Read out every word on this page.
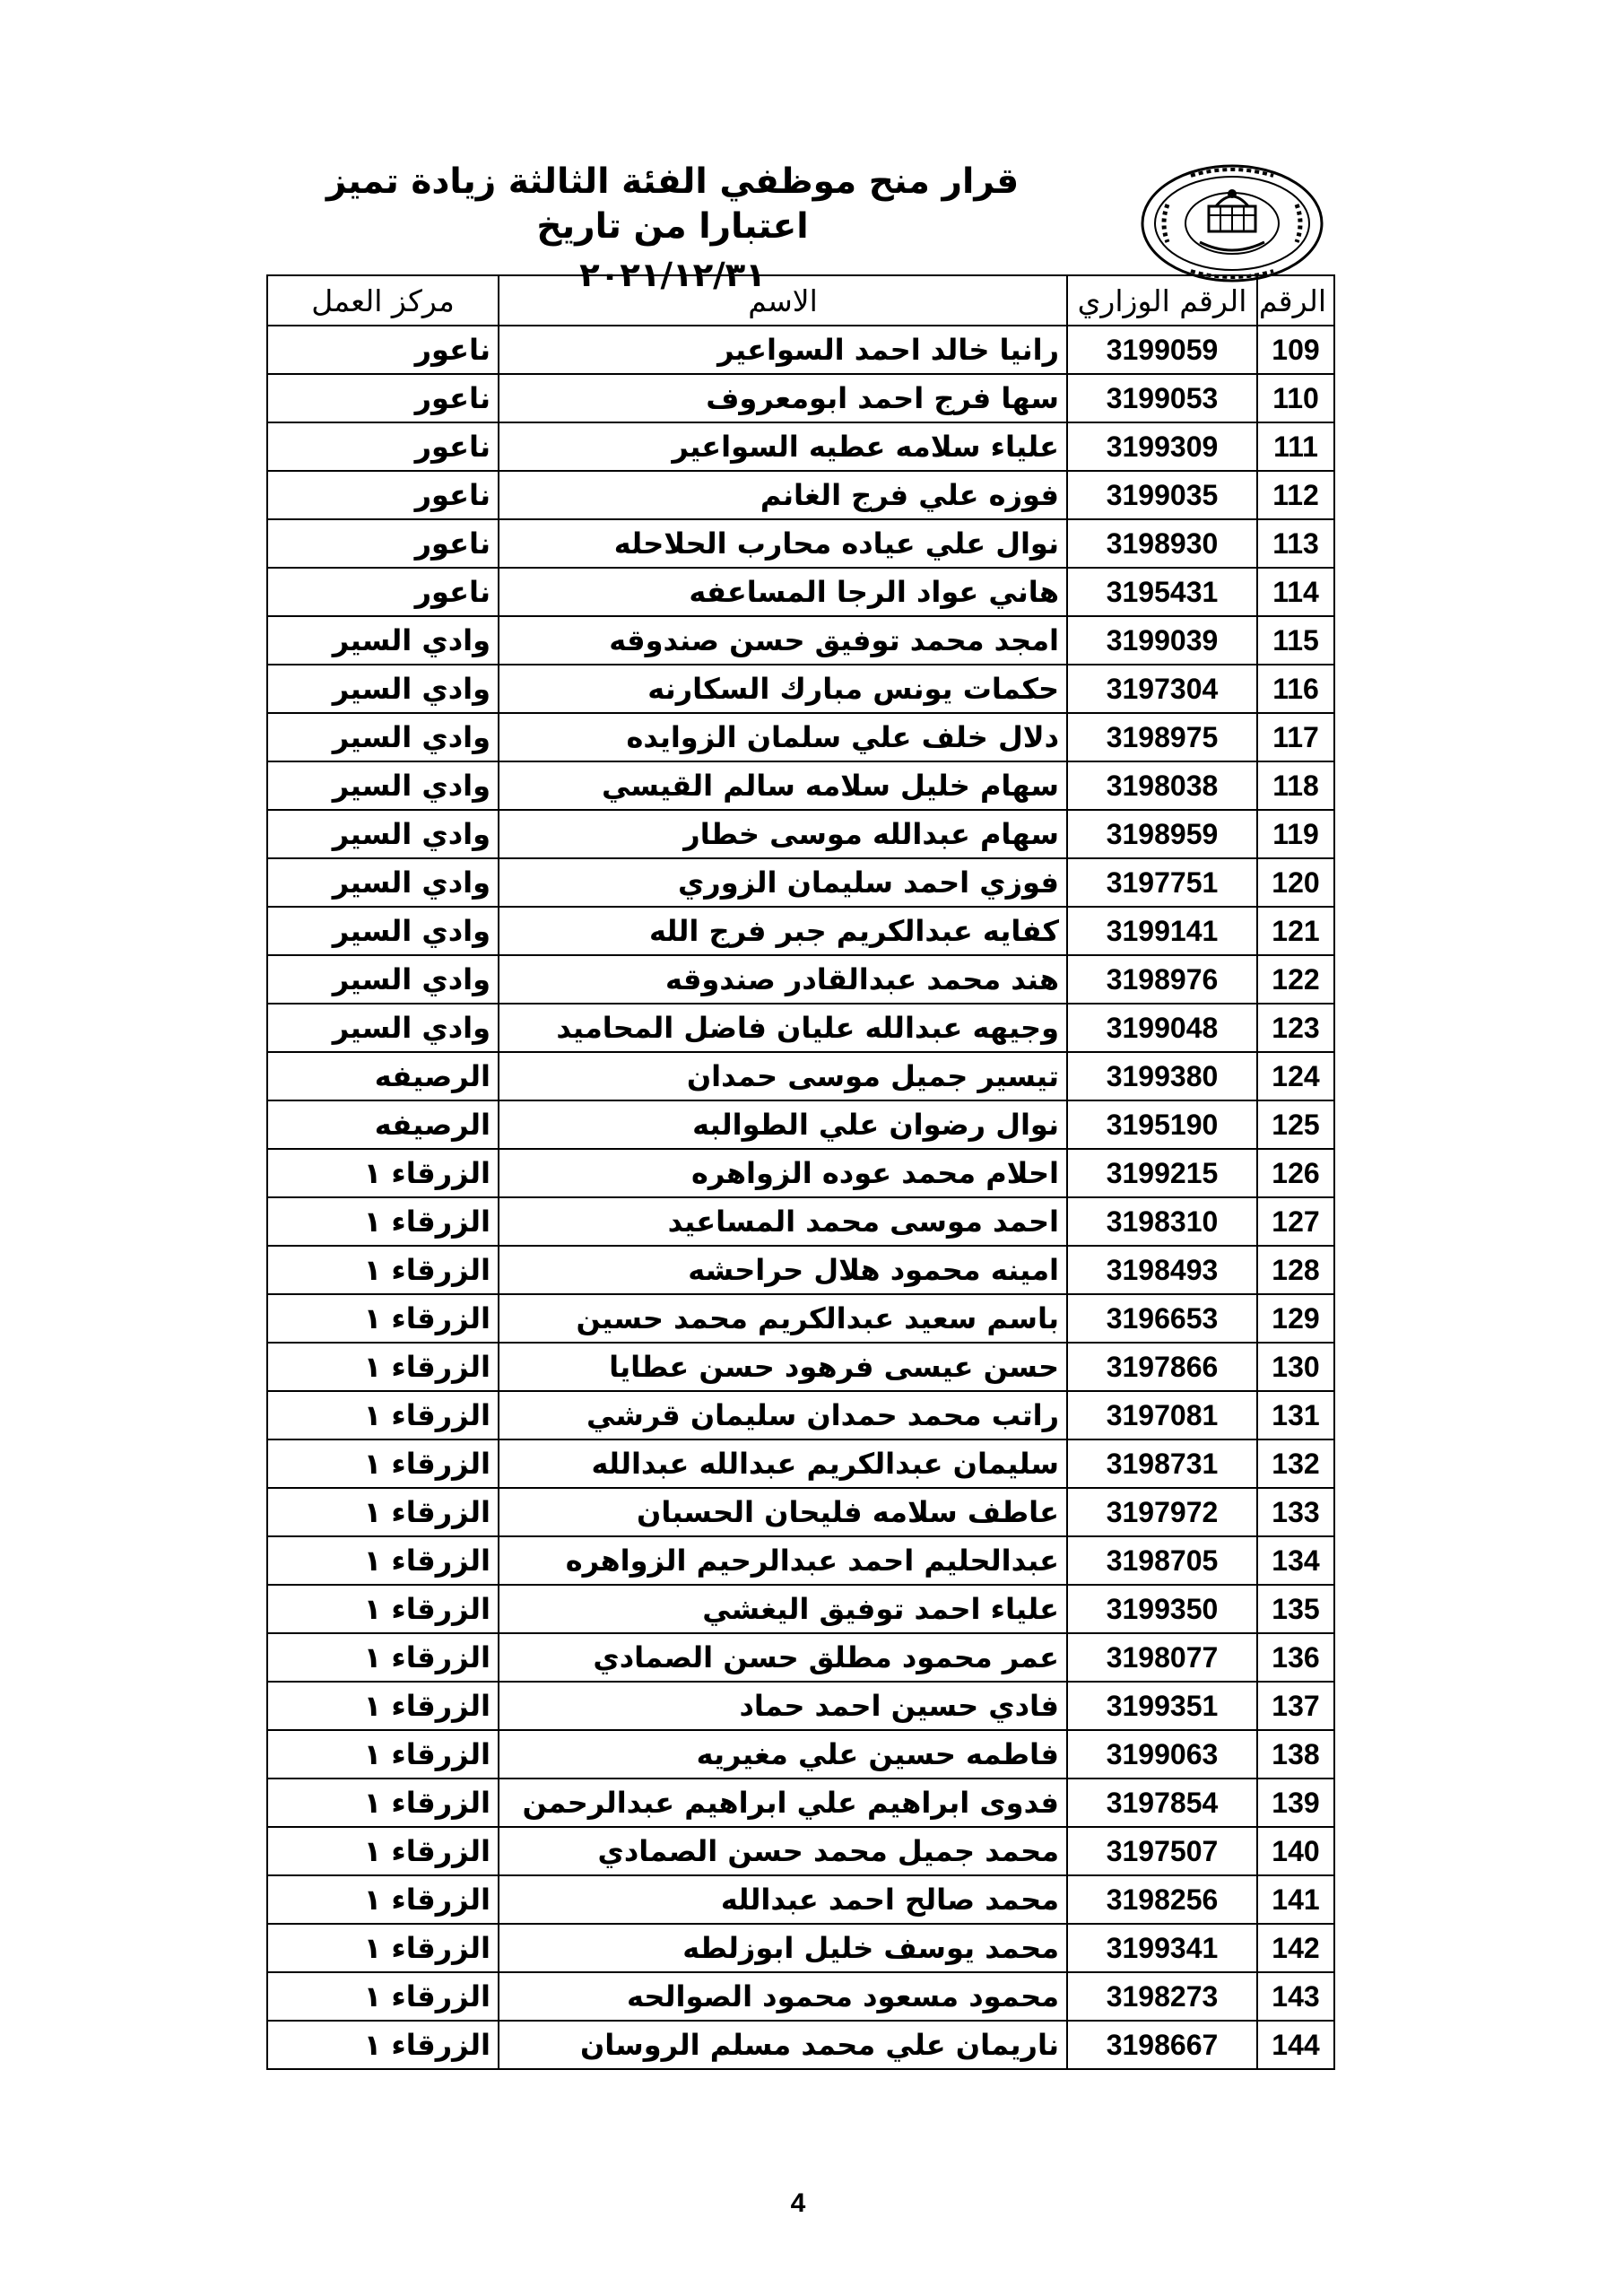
قرار منح موظفي الفئة الثالثة زيادة تميز اعتبارا من تاريخ
٢٠٢١/١٢/٣١
الرقم	الرقم الوزاري	الاسم	مركز العمل
109	3199059	رانيا خالد احمد السواعير	ناعور
110	3199053	سها فرج احمد ابومعروف	ناعور
111	3199309	علياء سلامه عطيه السواعير	ناعور
112	3199035	فوزه علي فرج الغانم	ناعور
113	3198930	نوال علي عياده محارب الحلاحله	ناعور
114	3195431	هاني عواد الرجا المساعفه	ناعور
115	3199039	امجد محمد توفيق حسن صندوقه	وادي السير
116	3197304	حكمات يونس مبارك السكارنه	وادي السير
117	3198975	دلال خلف علي سلمان الزوايده	وادي السير
118	3198038	سهام خليل سلامه سالم القيسي	وادي السير
119	3198959	سهام عبدالله موسى خطار	وادي السير
120	3197751	فوزي احمد سليمان الزوري	وادي السير
121	3199141	كفايه عبدالكريم جبر فرج الله	وادي السير
122	3198976	هند محمد عبدالقادر صندوقه	وادي السير
123	3199048	وجيهه عبدالله عليان فاضل المحاميد	وادي السير
124	3199380	تيسير جميل موسى حمدان	الرصيفه
125	3195190	نوال رضوان علي الطوالبه	الرصيفه
126	3199215	احلام محمد عوده الزواهره	الزرقاء ١
127	3198310	احمد موسى محمد المساعيد	الزرقاء ١
128	3198493	امينه محمود هلال حراحشه	الزرقاء ١
129	3196653	باسم سعيد عبدالكريم محمد حسين	الزرقاء ١
130	3197866	حسن عيسى فرهود حسن عطايا	الزرقاء ١
131	3197081	راتب محمد حمدان سليمان قرشي	الزرقاء ١
132	3198731	سليمان عبدالكريم عبدالله عبدالله	الزرقاء ١
133	3197972	عاطف سلامه فليحان الحسبان	الزرقاء ١
134	3198705	عبدالحليم احمد عبدالرحيم الزواهره	الزرقاء ١
135	3199350	علياء احمد توفيق اليغشي	الزرقاء ١
136	3198077	عمر محمود مطلق حسن الصمادي	الزرقاء ١
137	3199351	فادي حسين احمد حماد	الزرقاء ١
138	3199063	فاطمه حسين علي مغيريه	الزرقاء ١
139	3197854	فدوى ابراهيم علي ابراهيم عبدالرحمن	الزرقاء ١
140	3197507	محمد جميل محمد حسن الصمادي	الزرقاء ١
141	3198256	محمد صالح احمد عبدالله	الزرقاء ١
142	3199341	محمد يوسف خليل ابوزلطه	الزرقاء ١
143	3198273	محمود مسعود محمود الصوالحه	الزرقاء ١
144	3198667	ناريمان علي محمد مسلم الروسان	الزرقاء ١
4
